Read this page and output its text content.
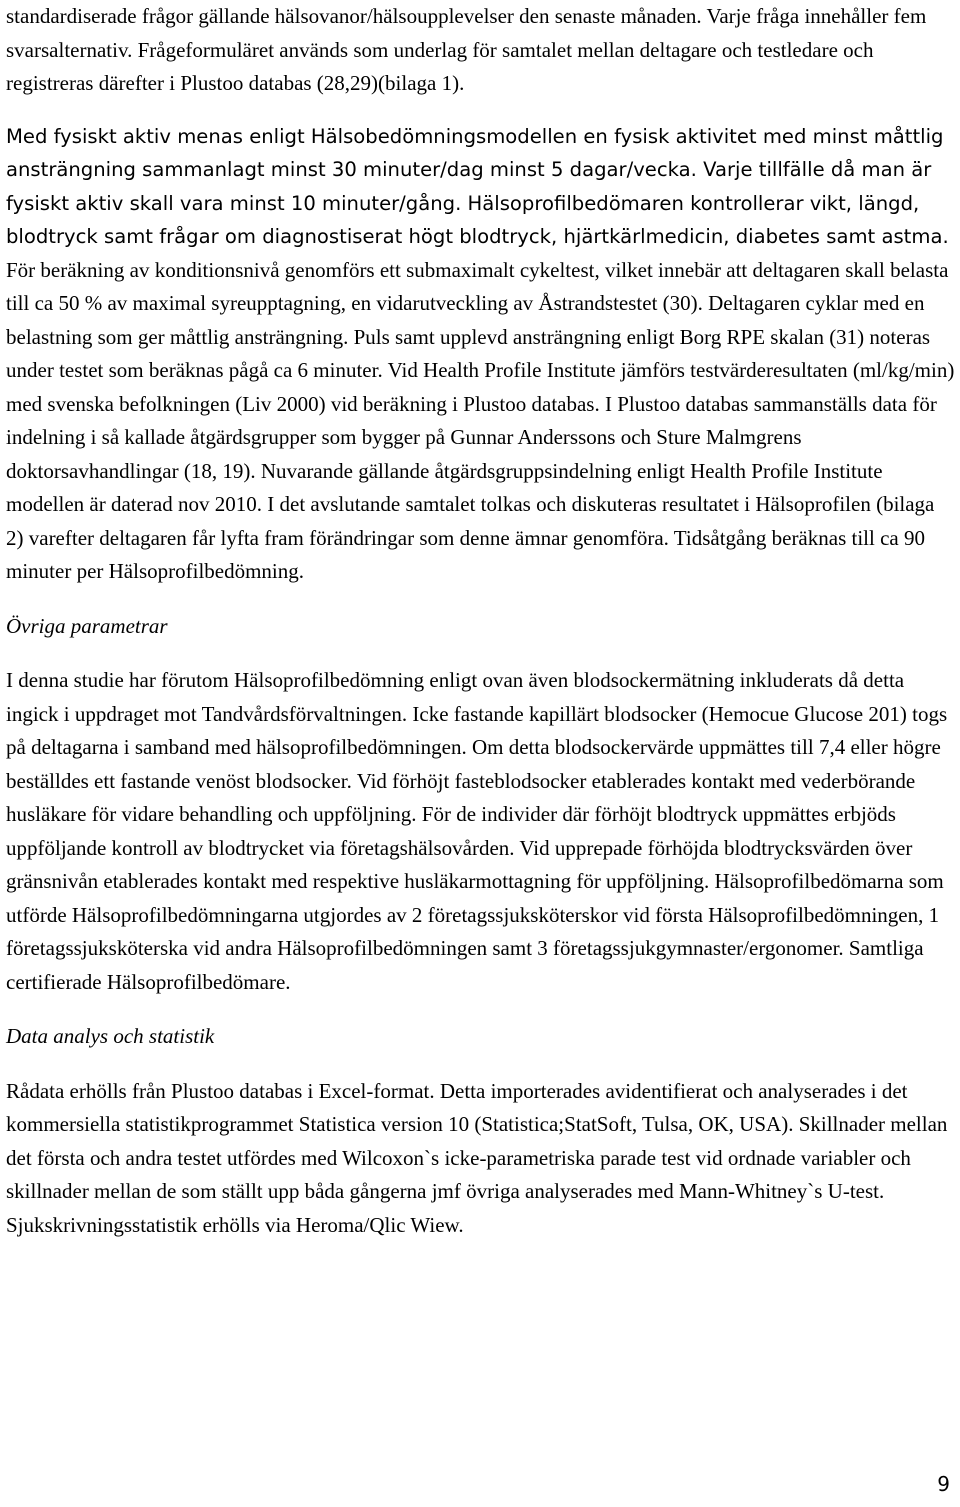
standardiserade frågor gällande hälsovanor/hälsoupplevelser den senaste månaden. Varje fråga innehåller fem svarsalternativ. Frågeformuläret används som underlag för samtalet mellan deltagare och testledare och registreras därefter i Plustoo databas (28,29)(bilaga 1).

Med fysiskt aktiv menas enligt Hälsobedömningsmodellen en fysisk aktivitet med minst måttlig ansträngning sammanlagt minst 30 minuter/dag minst 5 dagar/vecka. Varje tillfälle då man är fysiskt aktiv skall vara minst 10 minuter/gång. Hälsoprofilbedömaren kontrollerar vikt, längd, blodtryck samt frågar om diagnostiserat högt blodtryck, hjärtkärlmedicin, diabetes samt astma. För beräkning av konditionsnivå genomförs ett submaximalt cykeltest, vilket innebär att deltagaren skall belasta till ca 50 % av maximal syreupptagning, en vidarutveckling av Åstrandstestet (30). Deltagaren cyklar med en belastning som ger måttlig ansträngning. Puls samt upplevd ansträngning enligt Borg RPE skalan (31) noteras under testet som beräknas pågå ca 6 minuter. Vid Health Profile Institute jämförs testvärderesultaten (ml/kg/min) med svenska befolkningen (Liv 2000) vid beräkning i Plustoo databas. I Plustoo databas sammanställs data för indelning i så kallade åtgärdsgrupper som bygger på Gunnar Anderssons och Sture Malmgrens doktorsavhandlingar (18, 19). Nuvarande gällande åtgärdsgruppsindelning enligt Health Profile Institute modellen är daterad nov 2010. I det avslutande samtalet tolkas och diskuteras resultatet i Hälsoprofilen (bilaga 2) varefter deltagaren får lyfta fram förändringar som denne ämnar genomföra. Tidsåtgång beräknas till ca 90 minuter per Hälsoprofilbedömning.

Övriga parametrar

I denna studie har förutom Hälsoprofilbedömning enligt ovan även blodsockermätning inkluderats då detta ingick i uppdraget mot Tandvårdsförvaltningen. Icke fastande kapillärt blodsocker (Hemocue Glucose 201) togs på deltagarna i samband med hälsoprofilbedömningen. Om detta blodsockervärde uppmättes till 7,4 eller högre beställdes ett fastande venöst blodsocker. Vid förhöjt fasteblodsocker etablerades kontakt med vederbörande husläkare för vidare behandling och uppföljning. För de individer där förhöjt blodtryck uppmättes erbjöds uppföljande kontroll av blodtrycket via företagshälsovården. Vid upprepade förhöjda blodtrycksvärden över gränsnivån etablerades kontakt med respektive husläkarmottagning för uppföljning. Hälsoprofilbedömarna som utförde Hälsoprofilbedömningarna utgjordes av 2 företagssjuksköterskor vid första Hälsoprofilbedömningen, 1 företagssjuksköterska vid andra Hälsoprofilbedömningen samt 3 företagssjukgymnaster/ergonomer. Samtliga certifierade Hälsoprofilbedömare.

Data analys och statistik

Rådata erhölls från Plustoo databas i Excel-format. Detta importerades avidentifierat och analyserades i det kommersiella statistikprogrammet Statistica version 10 (Statistica;StatSoft, Tulsa, OK, USA). Skillnader mellan det första och andra testet utfördes med Wilcoxon`s icke-parametriska parade test vid ordnade variabler och skillnader mellan de som ställt upp båda gångerna jmf övriga analyserades med Mann-Whitney`s U-test. Sjukskrivningsstatistik erhölls via Heroma/Qlic Wiew.

9
